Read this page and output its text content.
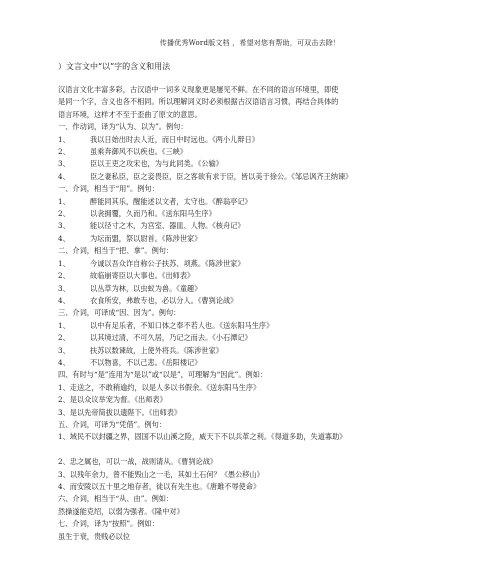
传播优秀Word版文档 ，希望对您有帮助，可双击去除！
）文言文中“以”字的含义和用法
汉语言文化丰富多彩，古汉语中一词多义现象更是屡见不鲜。在不同的语言环境里，即使
是同一个字，含义也各不相同。所以理解词义时必须根据古汉语语言习惯，再结合具体的
语言环境，这样才不至于歪曲了原文的意思。
一、作动词，译为“认为、以为”。例句：
1、	我以日始出时去人近，而日中时远也。《两小儿辩日》
2、	虽乘奔御风不以疾也。《三峡》
3、	臣以王吏之攻宋也，为与此同类。《公输》
4、	臣之妻私臣，臣之妾畏臣，臣之客欲有求于臣，皆以美于徐公。《邹忌讽齐王纳谏》
一、介词，相当于“用”。例句：
1、	醉能同其乐，醒能述以文者，太守也。《醉翁亭记》
2、	以衾拥覆，久而乃和。《送东阳马生序》
3、	能以径寸之木，为宫室、器皿、人物。《核舟记》
4、	为坛而盟，祭以尉首。《陈涉世家》
二、介词，相当于“把、拿”。例句：
1、	今诚以吾众诈自称公子扶苏、项燕。《陈涉世家》
2、	故临崩寄臣以大事也。《出师表》
3、	以丛草为林，以虫蚁为兽。《童趣》
4、	衣食所安，弗敢专也，必以分人。《曹刿论战》
三、介词，可译成“因、因为”。例句：
1、	以中有足乐者，不知口体之奉不若人也。《送东阳马生序》
2、	以其境过清，不可久居，乃记之而去。《小石潭记》
3、	扶苏以数谏故，上使外将兵。《陈涉世家》
4、	不以物喜，不以己悲。《岳阳楼记》
四、有时与“是”连用为“是以”或“以是”，可理解为“因此”。例如：
1、走送之，不敢稍逾约，以是人多以书假余。《送东阳马生序》
2、是以众议举宠为督。《出师表》
3、是以先帝简拔以遗陛下。《出师表》
五、介词，可译为“凭借”。例句：
1、域民不以封疆之界，固国不以山溪之险，威天下不以兵革之利。《得道多助，失道寡助》
2、忠之属也，可以一战，战则请从。《曹刿论战》
3、以残年余力，曾不能毁山之一毛，其如土石何？《愚公移山》
4、而安陵以五十里之地存者，徒以有先生也。《唐雎不辱使命》
六、介词，相当于“从、由”。例如：
然操遂能克绍，以弱为强者。《隆中对》
七、介词，译为“按照”。例如：
虽生于衰，贵贱必以位
